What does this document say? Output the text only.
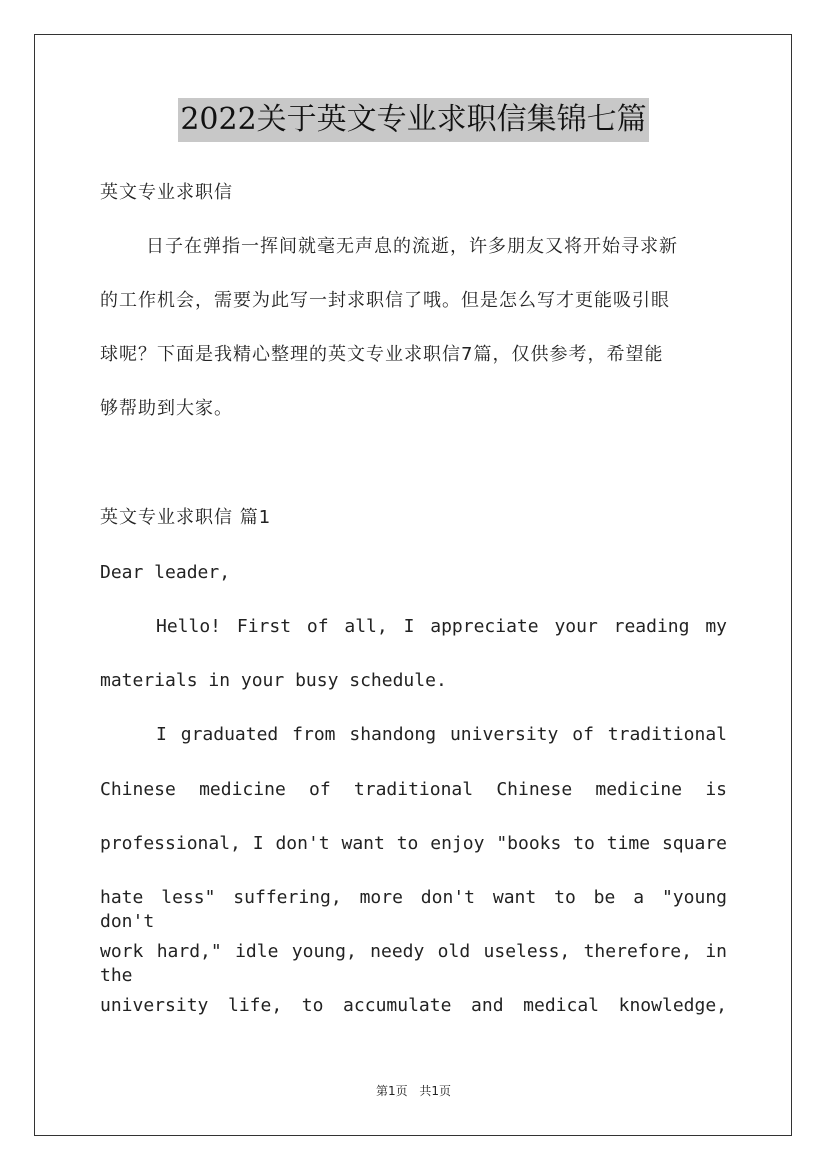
2022关于英文专业求职信集锦七篇
英文专业求职信
日子在弹指一挥间就毫无声息的流逝，许多朋友又将开始寻求新
的工作机会，需要为此写一封求职信了哦。但是怎么写才更能吸引眼
球呢？下面是我精心整理的英文专业求职信7篇，仅供参考，希望能
够帮助到大家。
英文专业求职信 篇1
Dear leader,
Hello! First of all, I appreciate your reading my
materials in your busy schedule.
I graduated from shandong university of traditional
Chinese medicine of traditional Chinese medicine is
professional, I don't want to enjoy "books to time square
hate less" suffering, more don't want to be a "young don't
work hard," idle young, needy old useless, therefore, in the
university life, to accumulate and medical knowledge,
第1页 共1页
